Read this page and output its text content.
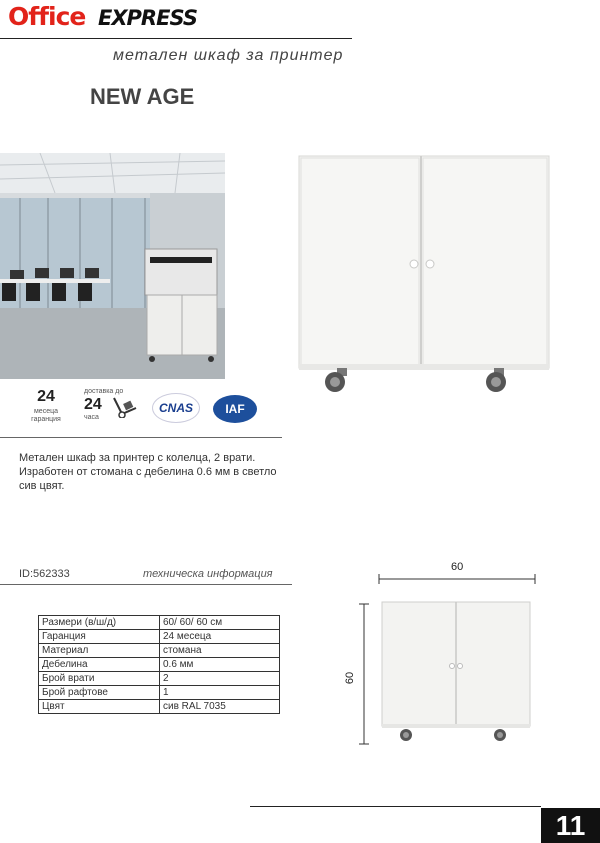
Office EXPRESS
метален шкаф за принтер
NEW AGE
24
месеца
гаранция
доставка до
24
часа
CNAS	IAF
Метален шкаф за принтер с колелца, 2 врати.
Изработен от стомана с дебелина 0.6 мм в светло сив цвят.
ID:562333	техническа информация
Размери (в/ш/д)	60/ 60/ 60 см
Гаранция	24 месеца
Материал	стомана
Дебелина	0.6 мм
Брой врати	2
Брой рафтове	1
Цвят	сив RAL 7035
60
60
11
